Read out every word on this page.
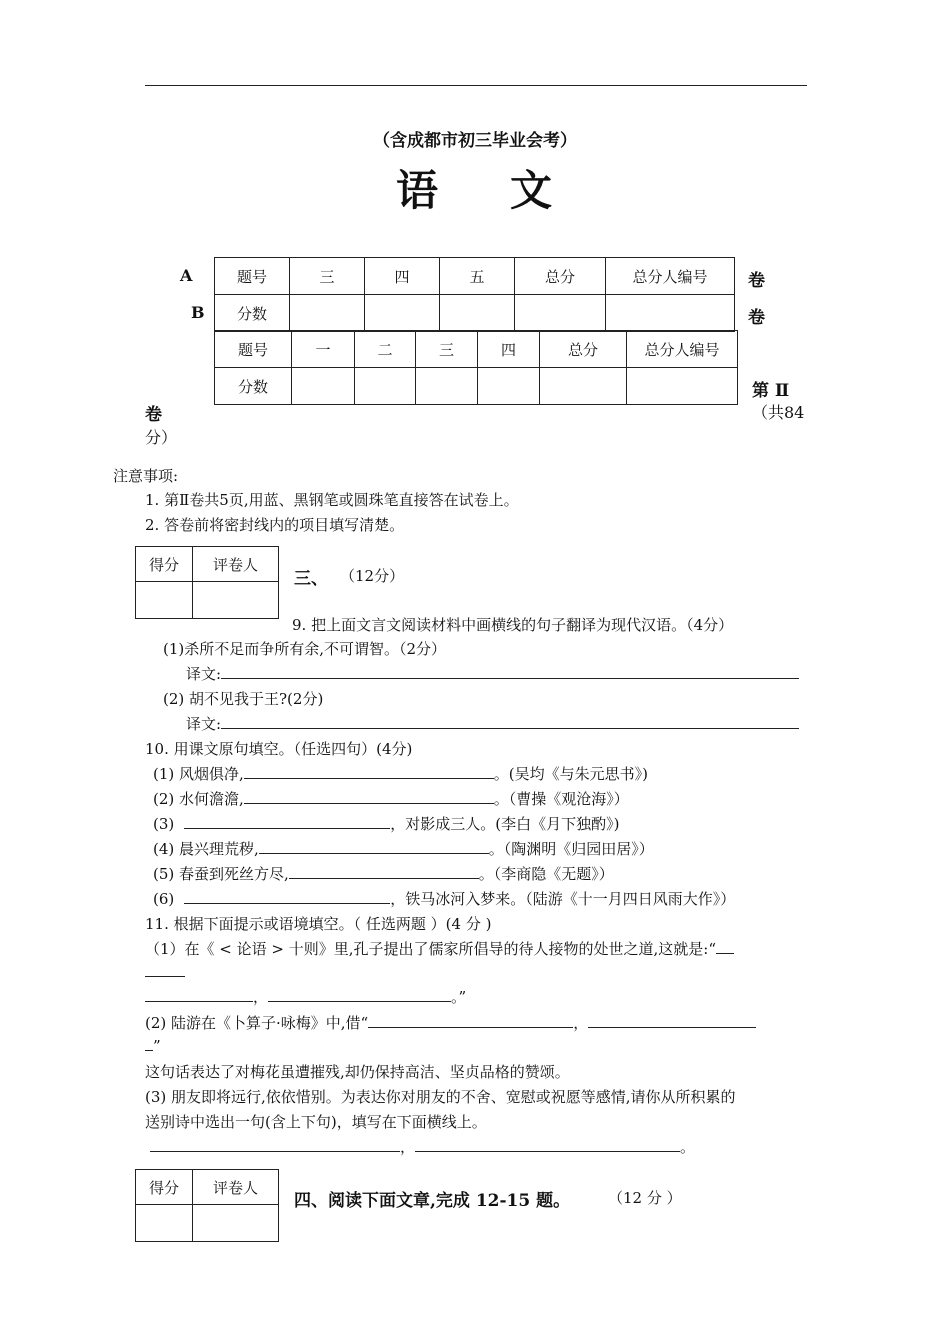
（含成都市初三毕业会考）
语 文
A
B
卷
卷
题号	三	四	五	总分	总分人编号
分数					
题号	一	二	三	四	总分	总分人编号
分数							第 Ⅱ
卷	（共84
分）
注意事项:
1. 第Ⅱ卷共5页,用蓝、黑钢笔或圆珠笔直接答在试卷上。
2. 答卷前将密封线内的项目填写清楚。
得分	评卷人

三、 （12分）
9. 把上面文言文阅读材料中画横线的句子翻译为现代汉语。（4分）
(1)杀所不足而争所有余,不可谓智。（2分）
译文:
(2) 胡不见我于王?(2分)
译文:
10. 用课文原句填空。（任选四句）(4分)
(1) 风烟俱净,	。(吴均《与朱元思书》)
(2) 水何澹澹,	。（曹操《观沧海》）
(3)	，对影成三人。(李白《月下独酌》)
(4) 晨兴理荒秽,	。（陶渊明《归园田居》）
(5) 春蚕到死丝方尽,	。（李商隐《无题》）
(6)	，铁马冰河入梦来。（陆游《十一月四日风雨大作》）
11. 根据下面提示或语境填空。（ 任选两题 ）(4 分 )
（1）在《 < 论语 > 十则》里,孔子提出了儒家所倡导的待人接物的处世之道,这就是:“
，	。”
(2) 陆游在《卜算子·咏梅》中,借“	，
”
这句话表达了对梅花虽遭摧残,却仍保持高洁、坚贞品格的赞颂。
(3) 朋友即将远行,依依惜别。为表达你对朋友的不舍、宽慰或祝愿等感情,请你从所积累的
送别诗中选出一句(含上下句)，填写在下面横线上。
，	。
得分	评卷人

四、阅读下面文章,完成 12-15 题。	（12 分 ）
